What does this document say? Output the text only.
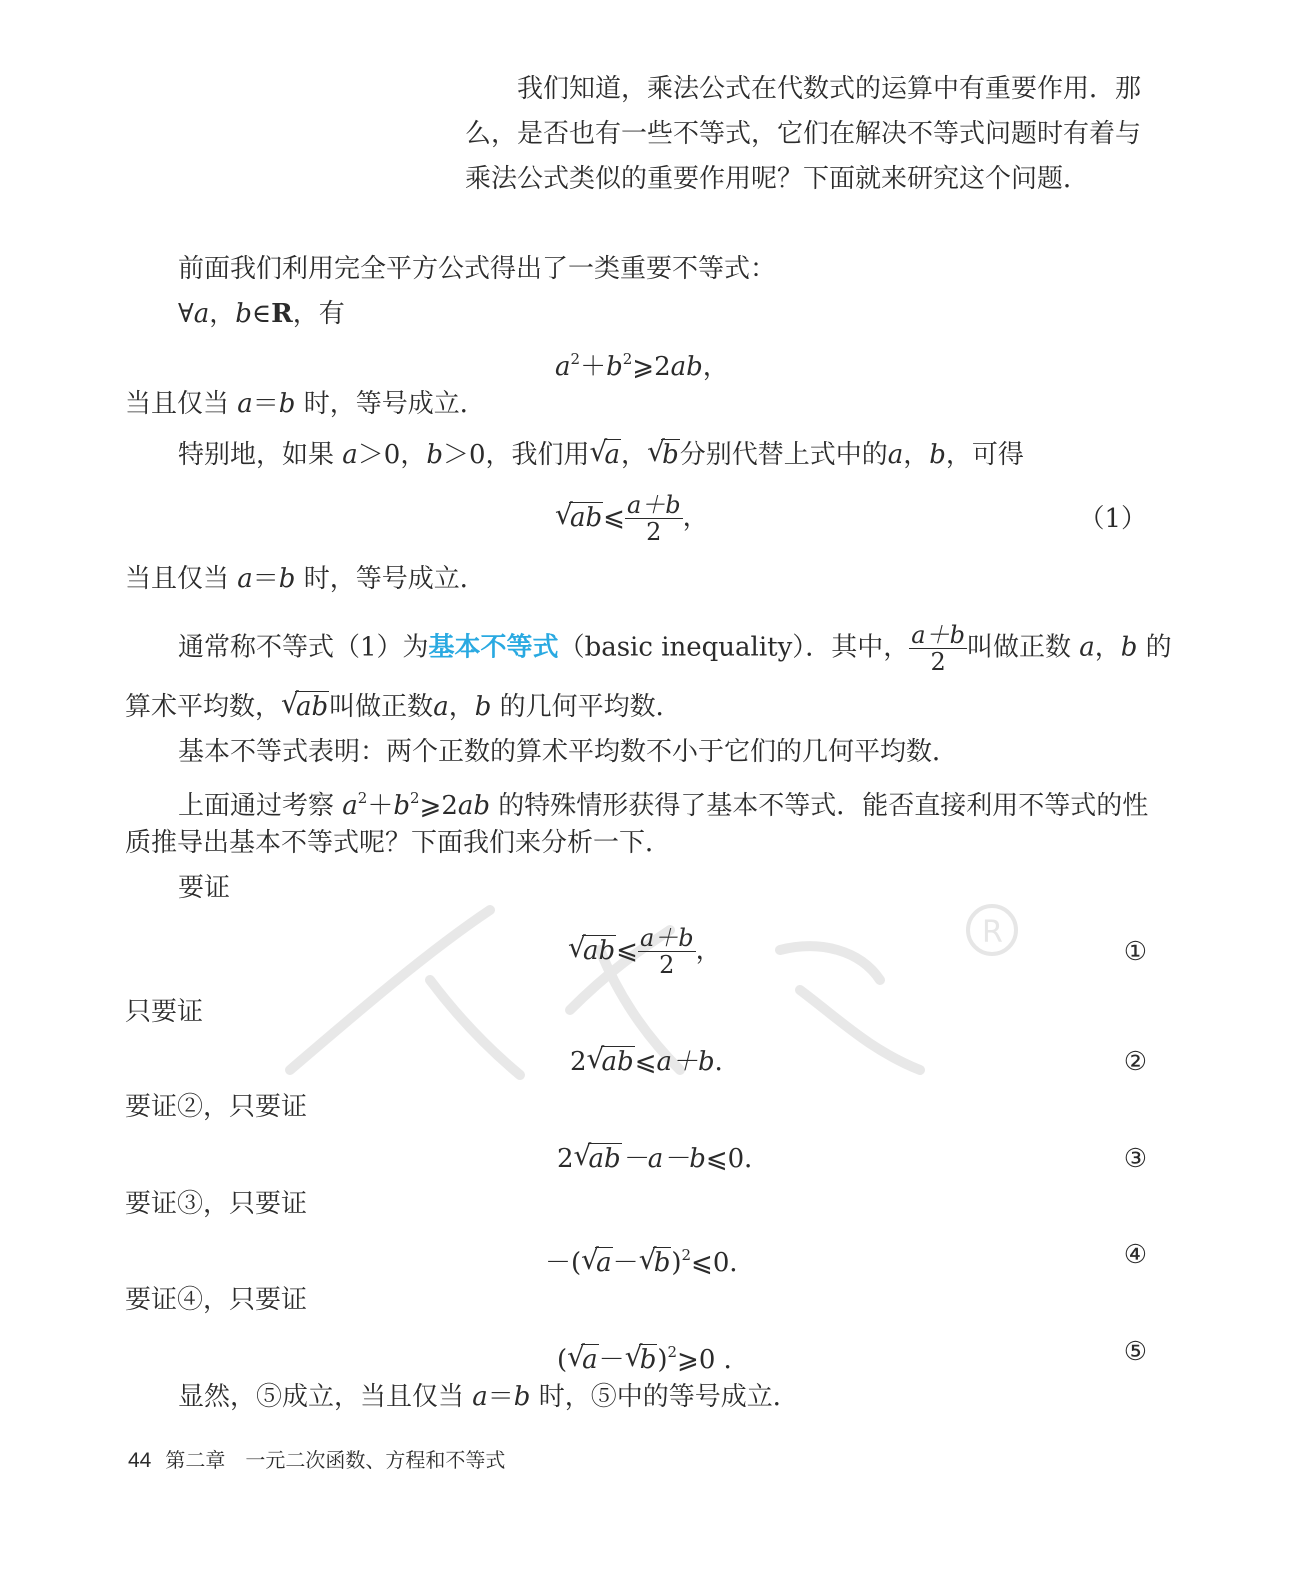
我们知道，乘法公式在代数式的运算中有重要作用．那
么，是否也有一些不等式，它们在解决不等式问题时有着与
乘法公式类似的重要作用呢？下面就来研究这个问题．
前面我们利用完全平方公式得出了一类重要不等式：
∀a，b∈R，有
$a^2+b^2⩾2ab$，
当且仅当 a＝b 时，等号成立．
特别地，如果 a＞0，b＞0，我们用 √
a， √
b分别代替上式中的a，b，可得
√
ab⩽ $\frac{a+b}{2}$ ，	（1）
当且仅当 a＝b 时，等号成立．
通常称不等式（1）为基本不等式（basic inequality）．其中， $\frac{a+b}{2}$ 叫做正数 a，b 的
算术平均数， √
ab叫做正数a，b 的几何平均数．
基本不等式表明：两个正数的算术平均数不小于它们的几何平均数．
上面通过考察 $a^2+b^2⩾2ab$ 的特殊情形获得了基本不等式．能否直接利用不等式的性
质推导出基本不等式呢？下面我们来分析一下．
要证
R
√
ab⩽ $\frac{a+b}{2}$ ，	①
只要证
2 √
ab⩽a＋b．	②
要证②，只要证
2 √
ab－a－b⩽0．	③
要证③，只要证
－( √
a－ √
b)$^2$⩽0．	④
要证④，只要证
( √
a－ √
b)$^2$⩾0 ．	⑤
显然，⑤成立，当且仅当 a＝b 时，⑤中的等号成立．
44 第二章　一元二次函数、方程和不等式
